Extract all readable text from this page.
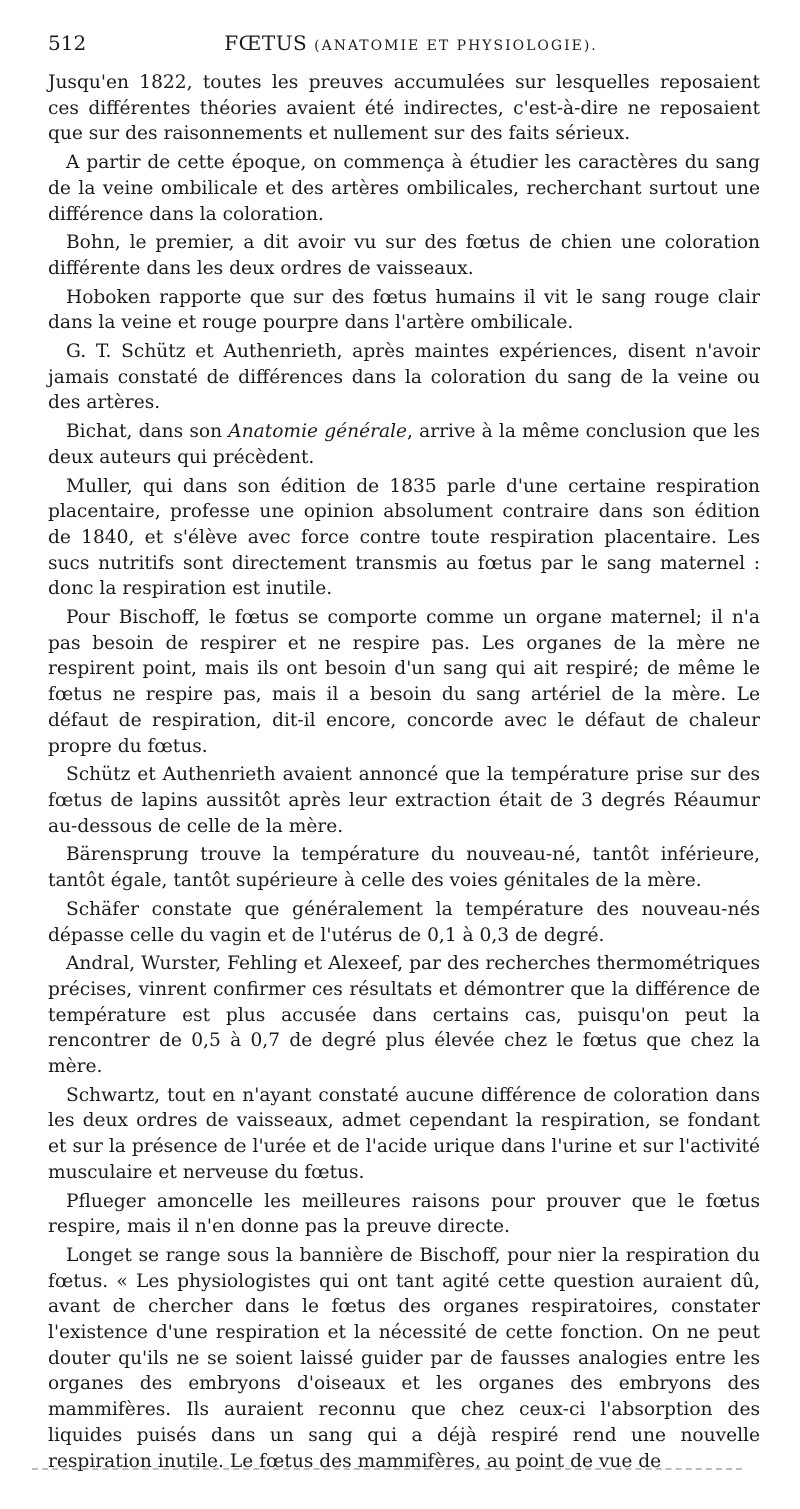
512	FŒTUS (ANATOMIE ET PHYSIOLOGIE).

Jusqu'en 1822, toutes les preuves accumulées sur lesquelles reposaient ces différentes théories avaient été indirectes, c'est-à-dire ne reposaient que sur des raisonnements et nullement sur des faits sérieux.

A partir de cette époque, on commença à étudier les caractères du sang de la veine ombilicale et des artères ombilicales, recherchant surtout une différence dans la coloration.

Bohn, le premier, a dit avoir vu sur des fœtus de chien une coloration différente dans les deux ordres de vaisseaux.

Hoboken rapporte que sur des fœtus humains il vit le sang rouge clair dans la veine et rouge pourpre dans l'artère ombilicale.

G. T. Schütz et Authenrieth, après maintes expériences, disent n'avoir jamais constaté de différences dans la coloration du sang de la veine ou des artères.

Bichat, dans son Anatomie générale, arrive à la même conclusion que les deux auteurs qui précèdent.

Muller, qui dans son édition de 1835 parle d'une certaine respiration placentaire, professe une opinion absolument contraire dans son édition de 1840, et s'élève avec force contre toute respiration placentaire. Les sucs nutritifs sont directement transmis au fœtus par le sang maternel : donc la respiration est inutile.

Pour Bischoff, le fœtus se comporte comme un organe maternel; il n'a pas besoin de respirer et ne respire pas. Les organes de la mère ne respirent point, mais ils ont besoin d'un sang qui ait respiré; de même le fœtus ne respire pas, mais il a besoin du sang artériel de la mère. Le défaut de respiration, dit-il encore, concorde avec le défaut de chaleur propre du fœtus.

Schütz et Authenrieth avaient annoncé que la température prise sur des fœtus de lapins aussitôt après leur extraction était de 3 degrés Réaumur au-dessous de celle de la mère.

Bärensprung trouve la température du nouveau-né, tantôt inférieure, tantôt égale, tantôt supérieure à celle des voies génitales de la mère.

Schäfer constate que généralement la température des nouveau-nés dépasse celle du vagin et de l'utérus de 0,1 à 0,3 de degré.

Andral, Wurster, Fehling et Alexeef, par des recherches thermométriques précises, vinrent confirmer ces résultats et démontrer que la différence de température est plus accusée dans certains cas, puisqu'on peut la rencontrer de 0,5 à 0,7 de degré plus élevée chez le fœtus que chez la mère.

Schwartz, tout en n'ayant constaté aucune différence de coloration dans les deux ordres de vaisseaux, admet cependant la respiration, se fondant et sur la présence de l'urée et de l'acide urique dans l'urine et sur l'activité musculaire et nerveuse du fœtus.

Pflueger amoncelle les meilleures raisons pour prouver que le fœtus respire, mais il n'en donne pas la preuve directe.

Longet se range sous la bannière de Bischoff, pour nier la respiration du fœtus. « Les physiologistes qui ont tant agité cette question auraient dû, avant de chercher dans le fœtus des organes respiratoires, constater l'existence d'une respiration et la nécessité de cette fonction. On ne peut douter qu'ils ne se soient laissé guider par de fausses analogies entre les organes des embryons d'oiseaux et les organes des embryons des mammifères. Ils auraient reconnu que chez ceux-ci l'absorption des liquides puisés dans un sang qui a déjà respiré rend une nouvelle respiration inutile. Le fœtus des mammifères, au point de vue de
